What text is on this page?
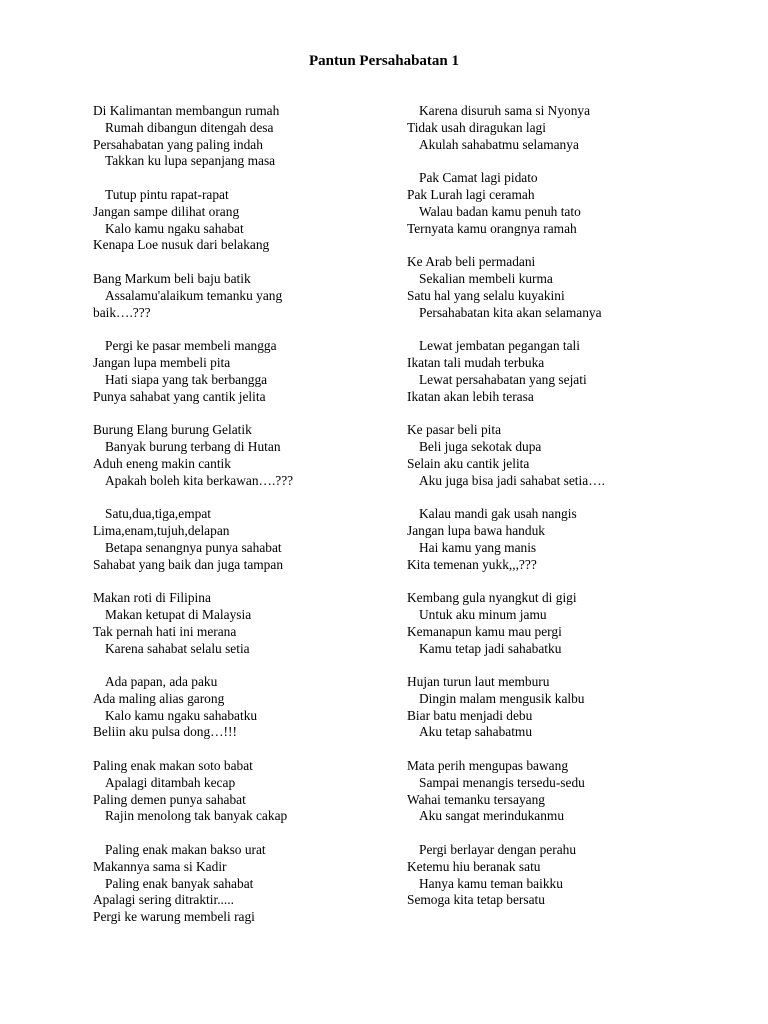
Pantun Persahabatan 1
Di Kalimantan membangun rumah
Rumah dibangun ditengah desa
Persahabatan yang paling indah
Takkan ku lupa sepanjang masa
Tutup pintu rapat-rapat
Jangan sampe dilihat orang
Kalo kamu ngaku sahabat
Kenapa Loe nusuk dari belakang
Bang Markum beli baju batik
Assalamu'alaikum temanku yang
baik….???
Pergi ke pasar membeli mangga
Jangan lupa membeli pita
Hati siapa yang tak berbangga
Punya sahabat yang cantik jelita
Burung Elang burung Gelatik
Banyak burung terbang di Hutan
Aduh eneng makin cantik
Apakah boleh kita berkawan….???
Satu,dua,tiga,empat
Lima,enam,tujuh,delapan
Betapa senangnya punya sahabat
Sahabat yang baik dan juga tampan
Makan roti di Filipina
Makan ketupat di Malaysia
Tak pernah hati ini merana
Karena sahabat selalu setia
Ada papan, ada paku
Ada maling alias garong
Kalo kamu ngaku sahabatku
Beliin aku pulsa dong…!!!
Paling enak makan soto babat
Apalagi ditambah kecap
Paling demen punya sahabat
Rajin menolong tak banyak cakap
Paling enak makan bakso urat
Makannya sama si Kadir
Paling enak banyak sahabat
Apalagi sering ditraktir.....
Pergi ke warung membeli ragi
Karena disuruh sama si Nyonya
Tidak usah diragukan lagi
Akulah sahabatmu selamanya
Pak Camat lagi pidato
Pak Lurah lagi ceramah
Walau badan kamu penuh tato
Ternyata kamu orangnya ramah
Ke Arab beli permadani
Sekalian membeli kurma
Satu hal yang selalu kuyakini
Persahabatan kita akan selamanya
Lewat jembatan pegangan tali
Ikatan tali mudah terbuka
Lewat persahabatan yang sejati
Ikatan akan lebih terasa
Ke pasar beli pita
Beli juga sekotak dupa
Selain aku cantik jelita
Aku juga bisa jadi sahabat setia….
Kalau mandi gak usah nangis
Jangan lupa bawa handuk
Hai kamu yang manis
Kita temenan yukk,,,???
Kembang gula nyangkut di gigi
Untuk aku minum jamu
Kemanapun kamu mau pergi
Kamu tetap jadi sahabatku
Hujan turun laut memburu
Dingin malam mengusik kalbu
Biar batu menjadi debu
Aku tetap sahabatmu
Mata perih mengupas bawang
Sampai menangis tersedu-sedu
Wahai temanku tersayang
Aku sangat merindukanmu
Pergi berlayar dengan perahu
Ketemu hiu beranak satu
Hanya kamu teman baikku
Semoga kita tetap bersatu
